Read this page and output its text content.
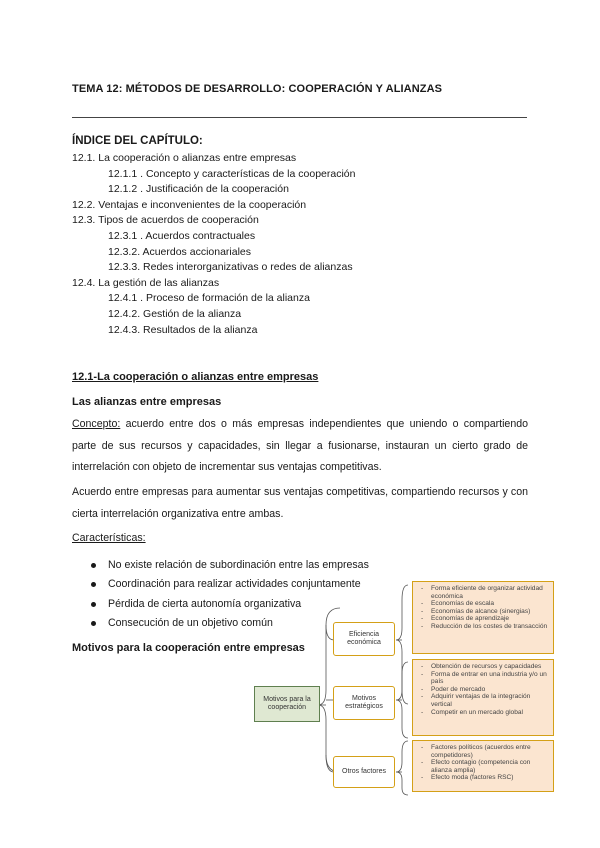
TEMA 12: MÉTODOS DE DESARROLLO: COOPERACIÓN Y ALIANZAS
ÍNDICE DEL CAPÍTULO:
12.1. La cooperación o alianzas entre empresas
12.1.1 . Concepto y características de la cooperación
12.1.2 . Justificación de la cooperación
12.2. Ventajas e inconvenientes de la cooperación
12.3. Tipos de acuerdos de cooperación
12.3.1 . Acuerdos contractuales
12.3.2. Acuerdos accionariales
12.3.3. Redes interorganizativas o redes de alianzas
12.4. La gestión de las alianzas
12.4.1 . Proceso de formación de la alianza
12.4.2. Gestión de la alianza
12.4.3. Resultados de la alianza
12.1-La cooperación o alianzas entre empresas
Las alianzas entre empresas
Concepto: acuerdo entre dos o más empresas independientes que uniendo o compartiendo parte de sus recursos y capacidades, sin llegar a fusionarse, instauran un cierto grado de interrelación con objeto de incrementar sus ventajas competitivas.
Acuerdo entre empresas para aumentar sus ventajas competitivas, compartiendo recursos y con cierta interrelación organizativa entre ambas.
Características:
No existe relación de subordinación entre las empresas
Coordinación para realizar actividades conjuntamente
Pérdida de cierta autonomía organizativa
Consecución de un objetivo común
Motivos para la cooperación entre empresas
Motivos para la cooperación
Eficiencia económica
Motivos estratégicos
Otros factores
- Forma eficiente de organizar actividad económica
- Economías de escala
- Economías de alcance (sinergias)
- Economías de aprendizaje
- Reducción de los costes de transacción
- Obtención de recursos y capacidades
- Forma de entrar en una industria y/o un país
- Poder de mercado
- Adquirir ventajas de la integración vertical
- Competir en un mercado global
- Factores políticos (acuerdos entre competidores)
- Efecto contagio (competencia con alianza amplia)
- Efecto moda (factores RSC)
